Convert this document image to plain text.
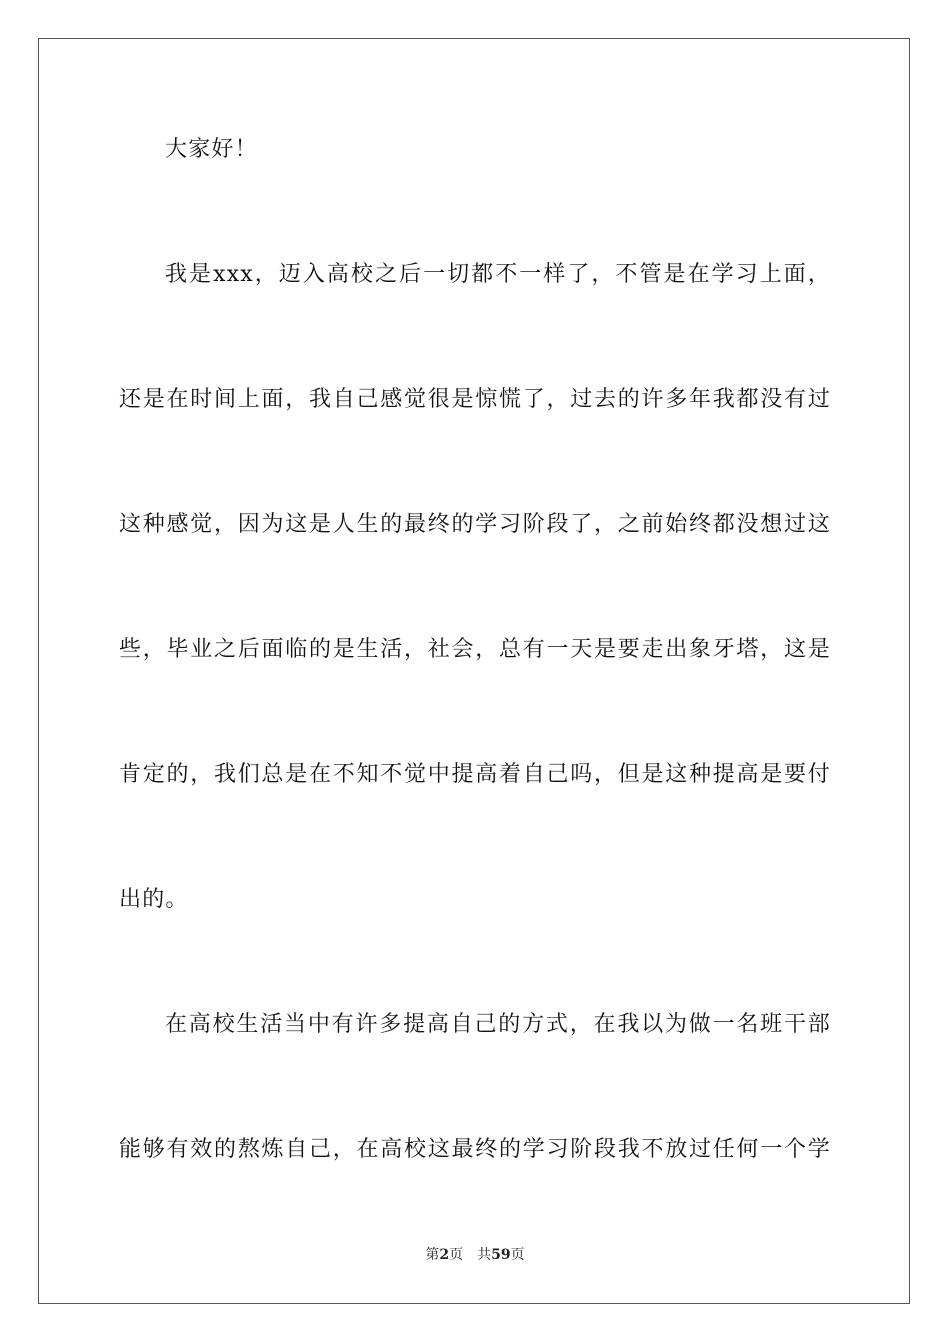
大家好！
我是xxx，迈入高校之后一切都不一样了，不管是在学习上面，
还是在时间上面，我自己感觉很是惊慌了，过去的许多年我都没有过
这种感觉，因为这是人生的最终的学习阶段了，之前始终都没想过这
些，毕业之后面临的是生活，社会，总有一天是要走出象牙塔，这是
肯定的，我们总是在不知不觉中提高着自己吗，但是这种提高是要付
出的。
在高校生活当中有许多提高自己的方式，在我以为做一名班干部
能够有效的熬炼自己，在高校这最终的学习阶段我不放过任何一个学
第2页 共59页
